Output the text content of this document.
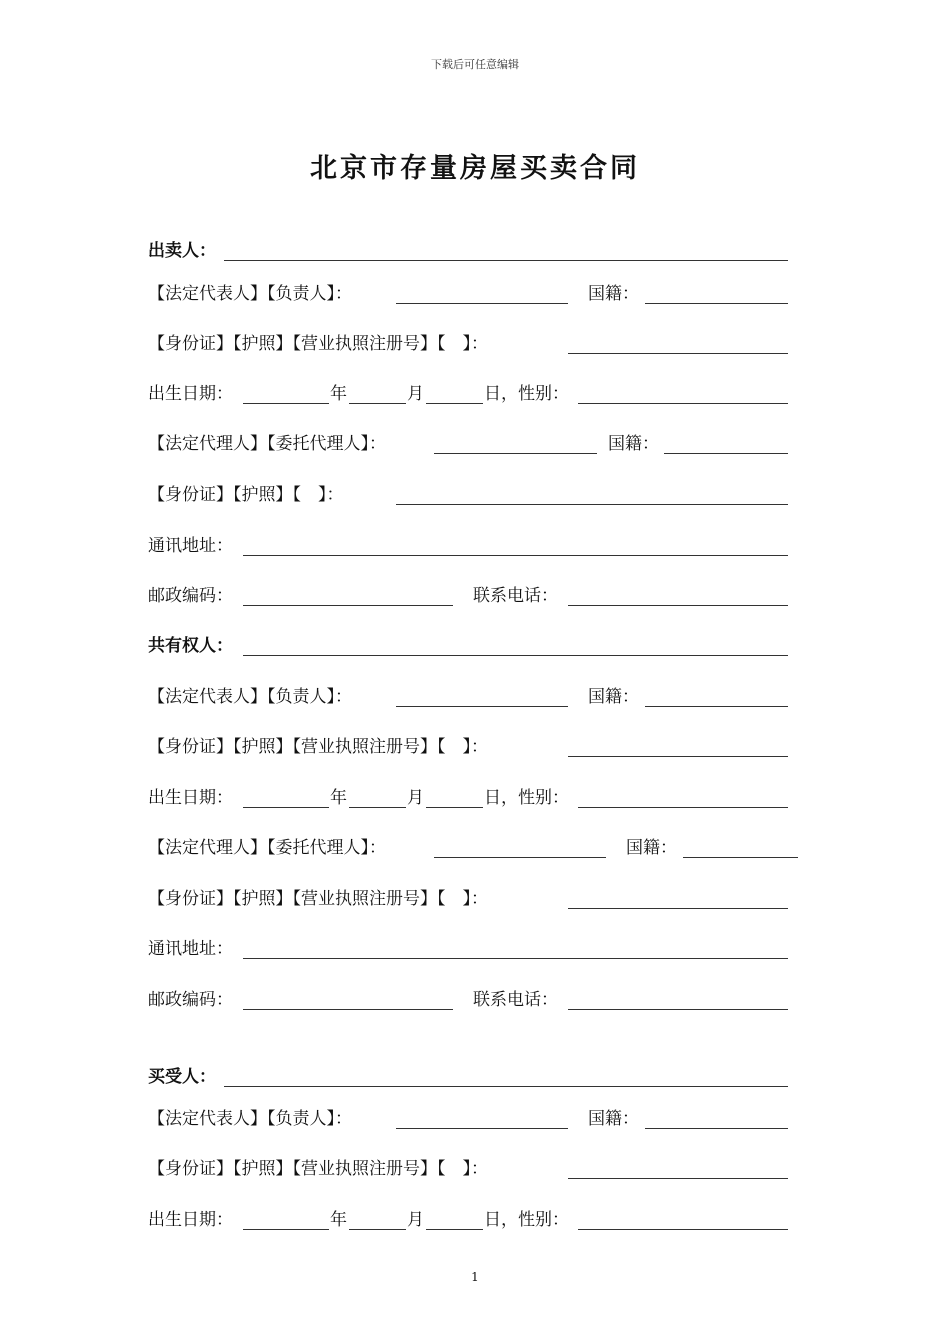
下载后可任意编辑
北京市存量房屋买卖合同
出卖人：
【法定代表人】【负责人】：	国籍：
【身份证】【护照】【营业执照注册号】【　】：
出生日期：	年	月	日，性别：
【法定代理人】【委托代理人】：	国籍：
【身份证】【护照】【　】：
通讯地址：
邮政编码：	联系电话：
共有权人：
【法定代表人】【负责人】：	国籍：
【身份证】【护照】【营业执照注册号】【　】：
出生日期：	年	月	日，性别：
【法定代理人】【委托代理人】：	国籍：
【身份证】【护照】【营业执照注册号】【　】：
通讯地址：
邮政编码：	联系电话：
买受人：
【法定代表人】【负责人】：	国籍：
【身份证】【护照】【营业执照注册号】【　】：
出生日期：	年	月	日，性别：
1
